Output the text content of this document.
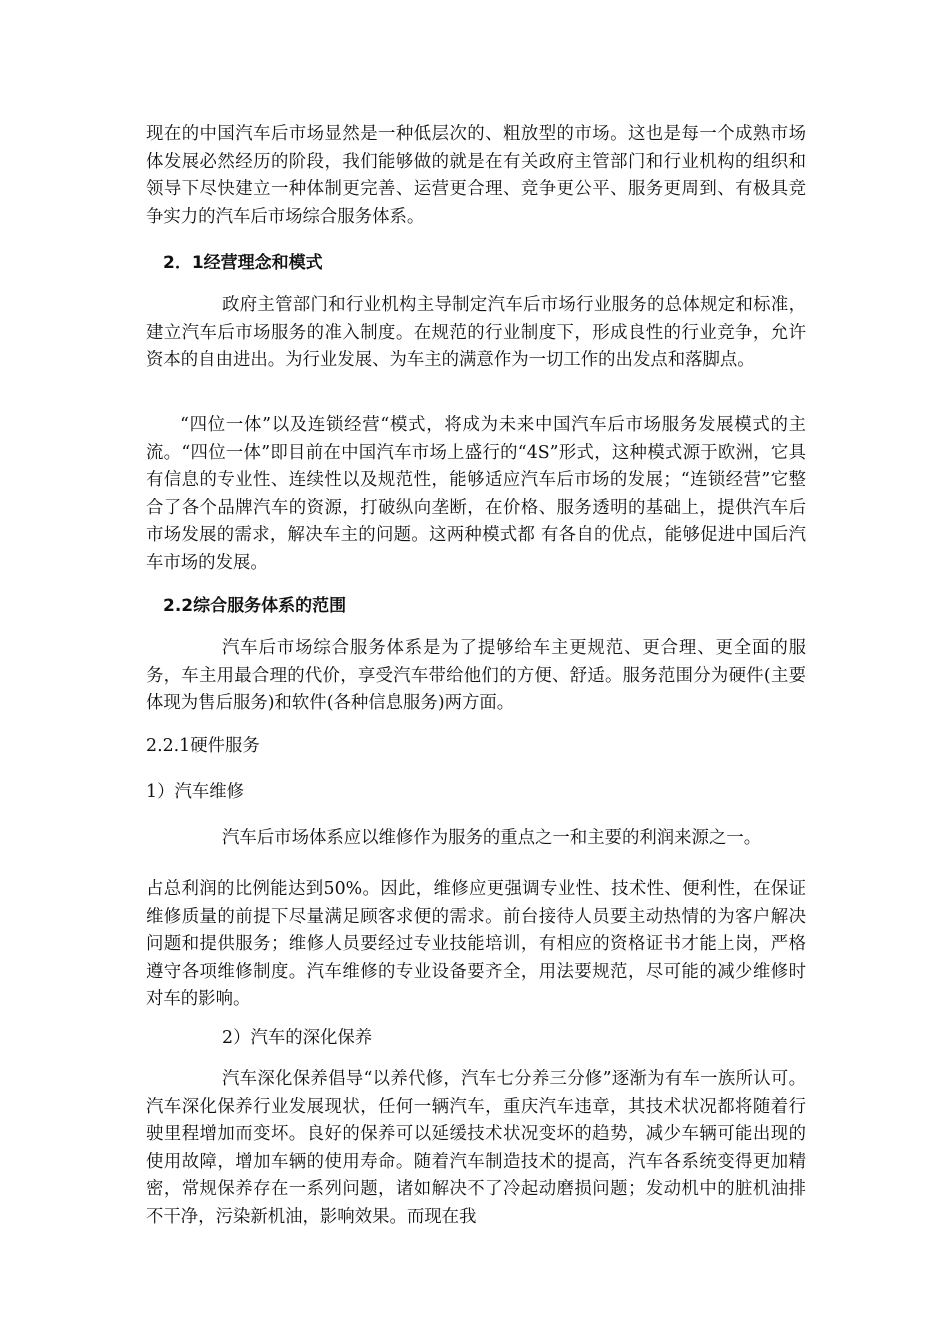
现在的中国汽车后市场显然是一种低层次的、粗放型的市场。这也是每一个成熟市场体发展必然经历的阶段，我们能够做的就是在有关政府主管部门和行业机构的组织和领导下尽快建立一种体制更完善、运营更合理、竞争更公平、服务更周到、有极具竞争实力的汽车后市场综合服务体系。

2．1经营理念和模式

政府主管部门和行业机构主导制定汽车后市场行业服务的总体规定和标准，建立汽车后市场服务的准入制度。在规范的行业制度下，形成良性的行业竞争，允许资本的自由进出。为行业发展、为车主的满意作为一切工作的出发点和落脚点。

“四位一体”以及连锁经营“模式，将成为未来中国汽车后市场服务发展模式的主流。“四位一体”即目前在中国汽车市场上盛行的“4S”形式，这种模式源于欧洲，它具有信息的专业性、连续性以及规范性，能够适应汽车后市场的发展；“连锁经营”它整合了各个品牌汽车的资源，打破纵向垄断，在价格、服务透明的基础上，提供汽车后市场发展的需求，解决车主的问题。这两种模式都 有各自的优点，能够促进中国后汽车市场的发展。

2.2综合服务体系的范围

汽车后市场综合服务体系是为了提够给车主更规范、更合理、更全面的服务，车主用最合理的代价，享受汽车带给他们的方便、舒适。服务范围分为硬件(主要体现为售后服务)和软件(各种信息服务)两方面。

2.2.1硬件服务

1）汽车维修

汽车后市场体系应以维修作为服务的重点之一和主要的利润来源之一。

占总利润的比例能达到50%。因此，维修应更强调专业性、技术性、便利性，在保证维修质量的前提下尽量满足顾客求便的需求。前台接待人员要主动热情的为客户解决问题和提供服务；维修人员要经过专业技能培训，有相应的资格证书才能上岗，严格遵守各项维修制度。汽车维修的专业设备要齐全，用法要规范，尽可能的减少维修时对车的影响。

2）汽车的深化保养

汽车深化保养倡导“以养代修，汽车七分养三分修”逐渐为有车一族所认可。汽车深化保养行业发展现状，任何一辆汽车，重庆汽车违章，其技术状况都将随着行驶里程增加而变坏。良好的保养可以延缓技术状况变坏的趋势，减少车辆可能出现的使用故障，增加车辆的使用寿命。随着汽车制造技术的提高，汽车各系统变得更加精密，常规保养存在一系列问题，诸如解决不了冷起动磨损问题；发动机中的脏机油排不干净，污染新机油，影响效果。而现在我
